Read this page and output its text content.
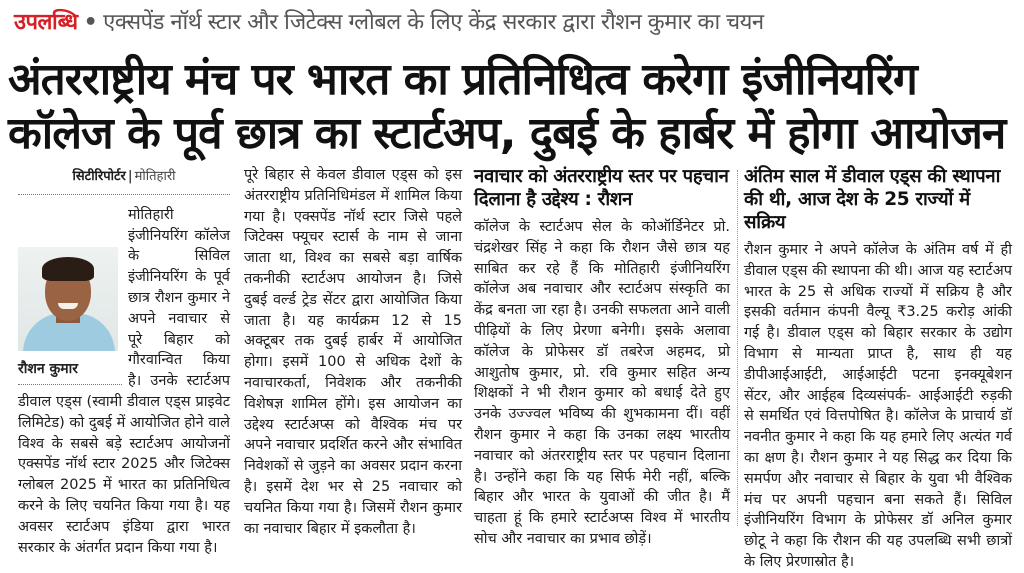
उपलब्धि • एक्सपेंड नॉर्थ स्टार और जिटेक्स ग्लोबल के लिए केंद्र सरकार द्वारा रौशन कुमार का चयन
अंतरराष्ट्रीय मंच पर भारत का प्रतिनिधित्व करेगा इंजीनियरिंग
कॉलेज के पूर्व छात्र का स्टार्टअप, दुबई के हार्बर में होगा आयोजन
सिटीरिपोर्टर | मोतिहारी

रौशन कुमार
मोतिहारी इंजीनियरिंग कॉलेज के सिविल इंजीनियरिंग के पूर्व छात्र रौशन कुमार ने अपने नवाचार से पूरे बिहार को गौरवान्वित किया है। उनके स्टार्टअप डीवाल एड्स (स्वामी डीवाल एड्स प्राइवेट लिमिटेड) को दुबई में आयोजित होने वाले विश्व के सबसे बड़े स्टार्टअप आयोजनों एक्सपेंड नॉर्थ स्टार 2025 और जिटेक्स ग्लोबल 2025 में भारत का प्रतिनिधित्व करने के लिए चयनित किया गया है। यह अवसर स्टार्टअप इंडिया द्वारा भारत सरकार के अंतर्गत प्रदान किया गया है।

पूरे बिहार से केवल डीवाल एड्स को इस अंतरराष्ट्रीय प्रतिनिधिमंडल में शामिल किया गया है। एक्सपेंड नॉर्थ स्टार जिसे पहले जिटेक्स फ्यूचर स्टार्स के नाम से जाना जाता था, विश्व का सबसे बड़ा वार्षिक तकनीकी स्टार्टअप आयोजन है। जिसे दुबई वर्ल्ड ट्रेड सेंटर द्वारा आयोजित किया जाता है। यह कार्यक्रम 12 से 15 अक्टूबर तक दुबई हार्बर में आयोजित होगा। इसमें 100 से अधिक देशों के नवाचारकर्ता, निवेशक और तकनीकी विशेषज्ञ शामिल होंगे। इस आयोजन का उद्देश्य स्टार्टअप्स को वैश्विक मंच पर अपने नवाचार प्रदर्शित करने और संभावित निवेशकों से जुड़ने का अवसर प्रदान करना है। इसमें देश भर से 25 नवाचार को चयनित किया गया है। जिसमें रौशन कुमार का नवाचार बिहार में इकलौता है।

नवाचार को अंतरराष्ट्रीय स्तर पर पहचान दिलाना है उद्देश्य : रौशन

कॉलेज के स्टार्टअप सेल के कोऑर्डिनेटर प्रो. चंद्रशेखर सिंह ने कहा कि रौशन जैसे छात्र यह साबित कर रहे हैं कि मोतिहारी इंजीनियरिंग कॉलेज अब नवाचार और स्टार्टअप संस्कृति का केंद्र बनता जा रहा है। उनकी सफलता आने वाली पीढ़ियों के लिए प्रेरणा बनेगी। इसके अलावा कॉलेज के प्रोफेसर डॉ तबरेज अहमद, प्रो आशुतोष कुमार, प्रो. रवि कुमार सहित अन्य शिक्षकों ने भी रौशन कुमार को बधाई देते हुए उनके उज्ज्वल भविष्य की शुभकामना दीं। वहीं रौशन कुमार ने कहा कि उनका लक्ष्य भारतीय नवाचार को अंतरराष्ट्रीय स्तर पर पहचान दिलाना है। उन्होंने कहा कि यह सिर्फ मेरी नहीं, बल्कि बिहार और भारत के युवाओं की जीत है। मैं चाहता हूं कि हमारे स्टार्टअप्स विश्व में भारतीय सोच और नवाचार का प्रभाव छोड़ें।

अंतिम साल में डीवाल एड्स की स्थापना की थी, आज देश के 25 राज्यों में सक्रिय

रौशन कुमार ने अपने कॉलेज के अंतिम वर्ष में ही डीवाल एड्स की स्थापना की थी। आज यह स्टार्टअप भारत के 25 से अधिक राज्यों में सक्रिय है और इसकी वर्तमान कंपनी वैल्यू ₹3.25 करोड़ आंकी गई है। डीवाल एड्स को बिहार सरकार के उद्योग विभाग से मान्यता प्राप्त है, साथ ही यह डीपीआईआईटी, आईआईटी पटना इनक्यूबेशन सेंटर, और आईहब दिव्यसंपर्क- आईआईटी रुड़की से समर्थित एवं वित्तपोषित है। कॉलेज के प्राचार्य डॉ नवनीत कुमार ने कहा कि यह हमारे लिए अत्यंत गर्व का क्षण है। रौशन कुमार ने यह सिद्ध कर दिया कि समर्पण और नवाचार से बिहार के युवा भी वैश्विक मंच पर अपनी पहचान बना सकते हैं। सिविल इंजीनियरिंग विभाग के प्रोफेसर डॉ अनिल कुमार छोटू ने कहा कि रौशन की यह उपलब्धि सभी छात्रों के लिए प्रेरणास्रोत है।
